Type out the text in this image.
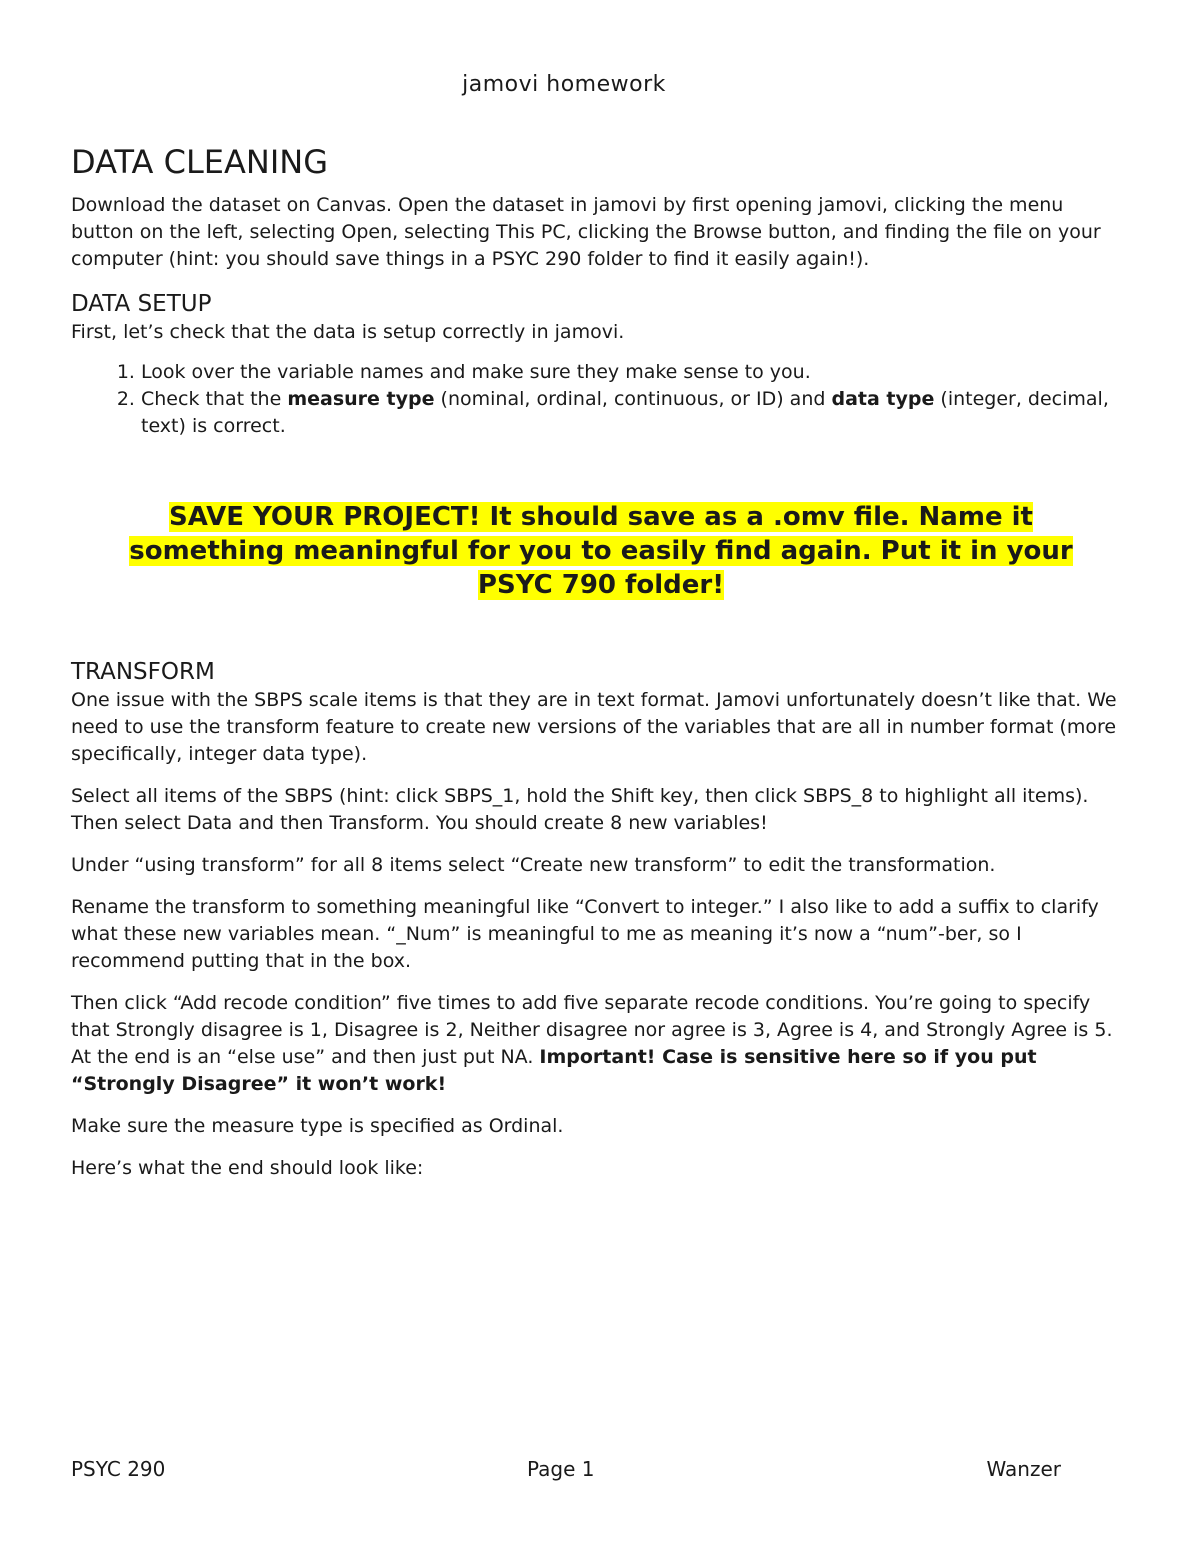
jamovi homework
DATA CLEANING

Download the dataset on Canvas. Open the dataset in jamovi by first opening jamovi, clicking the menu button on the left, selecting Open, selecting This PC, clicking the Browse button, and finding the file on your computer (hint: you should save things in a PSYC 290 folder to find it easily again!).

DATA SETUP

First, let’s check that the data is setup correctly in jamovi.

1. Look over the variable names and make sure they make sense to you.
2. Check that the measure type (nominal, ordinal, continuous, or ID) and data type (integer, decimal, text) is correct.
SAVE YOUR PROJECT! It should save as a .omv file. Name it
something meaningful for you to easily find again. Put it in your
PSYC 790 folder!
TRANSFORM

One issue with the SBPS scale items is that they are in text format. Jamovi unfortunately doesn’t like that. We need to use the transform feature to create new versions of the variables that are all in number format (more specifically, integer data type).

Select all items of the SBPS (hint: click SBPS_1, hold the Shift key, then click SBPS_8 to highlight all items). Then select Data and then Transform. You should create 8 new variables!

Under “using transform” for all 8 items select “Create new transform” to edit the transformation.

Rename the transform to something meaningful like “Convert to integer.” I also like to add a suffix to clarify what these new variables mean. “_Num” is meaningful to me as meaning it’s now a “num”-ber, so I recommend putting that in the box.

Then click “Add recode condition” five times to add five separate recode conditions. You’re going to specify that Strongly disagree is 1, Disagree is 2, Neither disagree nor agree is 3, Agree is 4, and Strongly Agree is 5. At the end is an “else use” and then just put NA. Important! Case is sensitive here so if you put “Strongly Disagree” it won’t work!

Make sure the measure type is specified as Ordinal.

Here’s what the end should look like:

PSYC 290	Page 1	Wanzer
